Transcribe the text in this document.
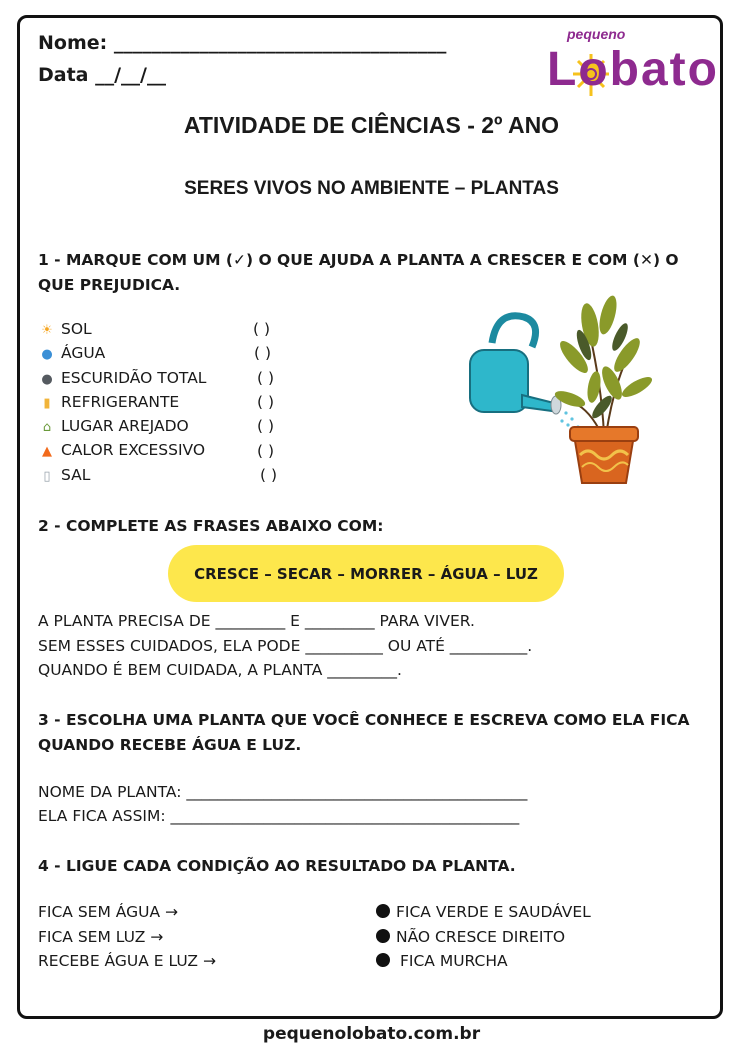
Nome: ___________________________________
Data __/__/__
pequeno
Lobato
ATIVIDADE DE CIÊNCIAS - 2º ANO
SERES VIVOS NO AMBIENTE – PLANTAS
1 - MARQUE COM UM (✓) O QUE AJUDA A PLANTA A CRESCER E COM (✕) O QUE PREJUDICA.
☀ SOL
● ÁGUA
● ESCURIDÃO TOTAL
▮ REFRIGERANTE
⌂ LUGAR AREJADO
▲ CALOR EXCESSIVO
▯ SAL
( )
( )
( )
( )
( )
( )
( )
2 - COMPLETE AS FRASES ABAIXO COM:
CRESCE – SECAR – MORRER – ÁGUA – LUZ
A PLANTA PRECISA DE _________ E _________ PARA VIVER.
SEM ESSES CUIDADOS, ELA PODE __________ OU ATÉ __________.
QUANDO É BEM CUIDADA, A PLANTA _________.
3 - ESCOLHA UMA PLANTA QUE VOCÊ CONHECE E ESCREVA COMO ELA FICA QUANDO RECEBE ÁGUA E LUZ.
NOME DA PLANTA: ____________________________________________
ELA FICA ASSIM: _____________________________________________
4 - LIGUE CADA CONDIÇÃO AO RESULTADO DA PLANTA.
FICA SEM ÁGUA →
FICA SEM LUZ →
RECEBE ÁGUA E LUZ →
FICA VERDE E SAUDÁVEL
NÃO CRESCE DIREITO
FICA MURCHA
pequenolobato.com.br
